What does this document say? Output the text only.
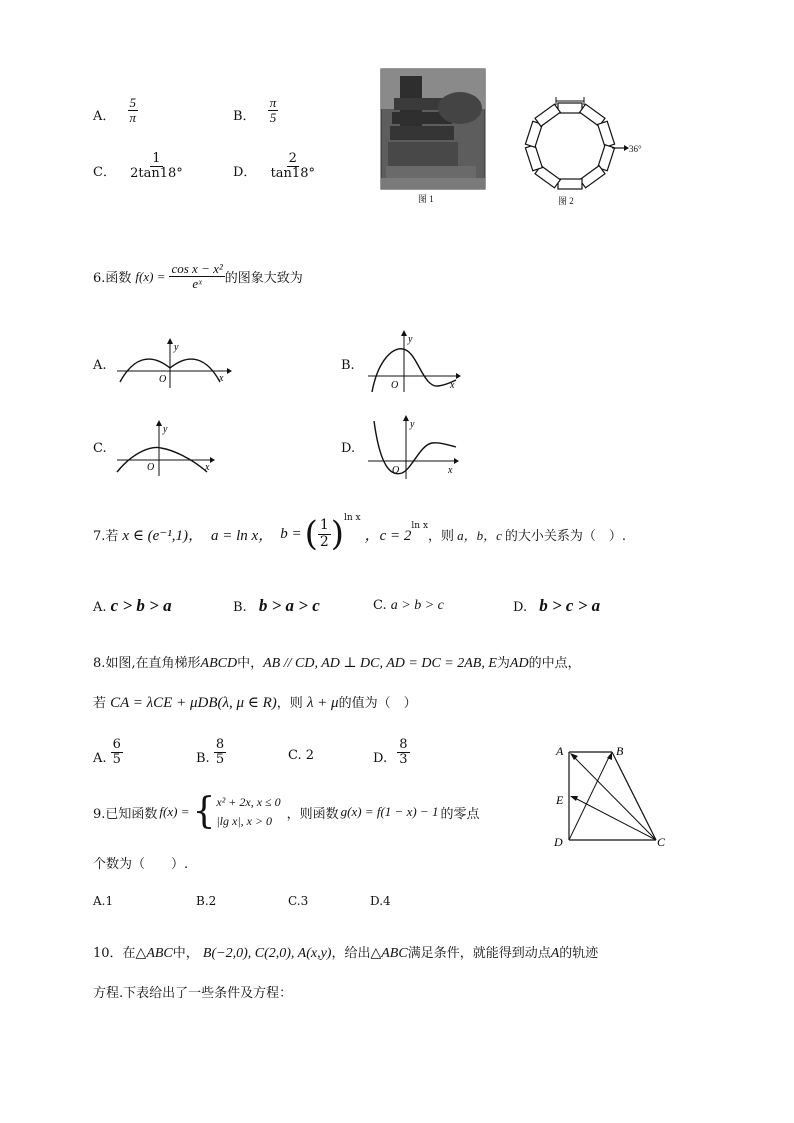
A． $\frac{5}{\pi}$	B． $\frac{\pi}{5}$
C． $\frac{1}{2\tan 18^\circ}$	D． $\frac{2}{\tan 18^\circ}$
图 1
36°
图 2
6.函数 $f(x) = \frac{\text{cos x − x²}}{\text{eˣ}}$ 的图象大致为
A.
y
x
O
B.
y
x
O
C.
y
x
O
D.
y
x
O
7.若 x ∈ (e⁻¹,1)， a = ln x， b = ( $\frac{1}{2}$ ) ln x
，c = 2
ln x
，则 a，b，c 的大小关系为（　）.
A. c > b > a	B. b > a > c	C. a > b > c	D. b > c > a
8.如图,在直角梯形ABCD中，AB // CD, AD ⊥ DC, AD = DC = 2AB, E为AD的中点，
若 CA = λCE + μDB(λ, μ ∈ R)，则 λ + μ的值为（　）
A. $\frac{6}{5}$	B. $\frac{8}{5}$	C. 2	D. $\frac{8}{3}$	A	B
E
D	C
9.已知函数 f(x) = { x² + 2x, x ≤ 0
|lg x|, x > 0	，则函数 g(x) = f(1 − x) − 1 的零点
个数为（　　）.
A.1	B.2	C.3	D.4
10．在△ABC中， B(−2,0), C(2,0), A(x,y)，给出△ABC满足条件，就能得到动点A的轨迹
方程.下表给出了一些条件及方程：
